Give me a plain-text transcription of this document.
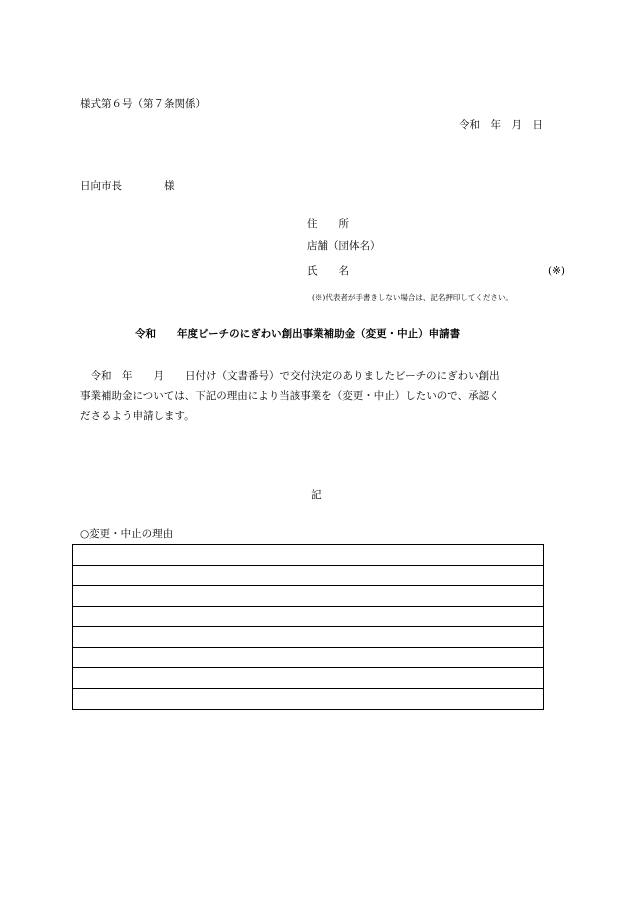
様式第６号（第７条関係）
令和　年　月　日
日向市長　　　　様
住　　所
店舗（団体名）
氏　　名	(※)
(※)代表者が手書きしない場合は、記名押印してください。
令和　　年度ビーチのにぎわい創出事業補助金（変更・中止）申請書
　令和　年　　月　　日付け（文書番号）で交付決定のありましたビーチのにぎわい創出
事業補助金については、下記の理由により当該事業を（変更・中止）したいので、承認く
ださるよう申請します。
記
○変更・中止の理由
